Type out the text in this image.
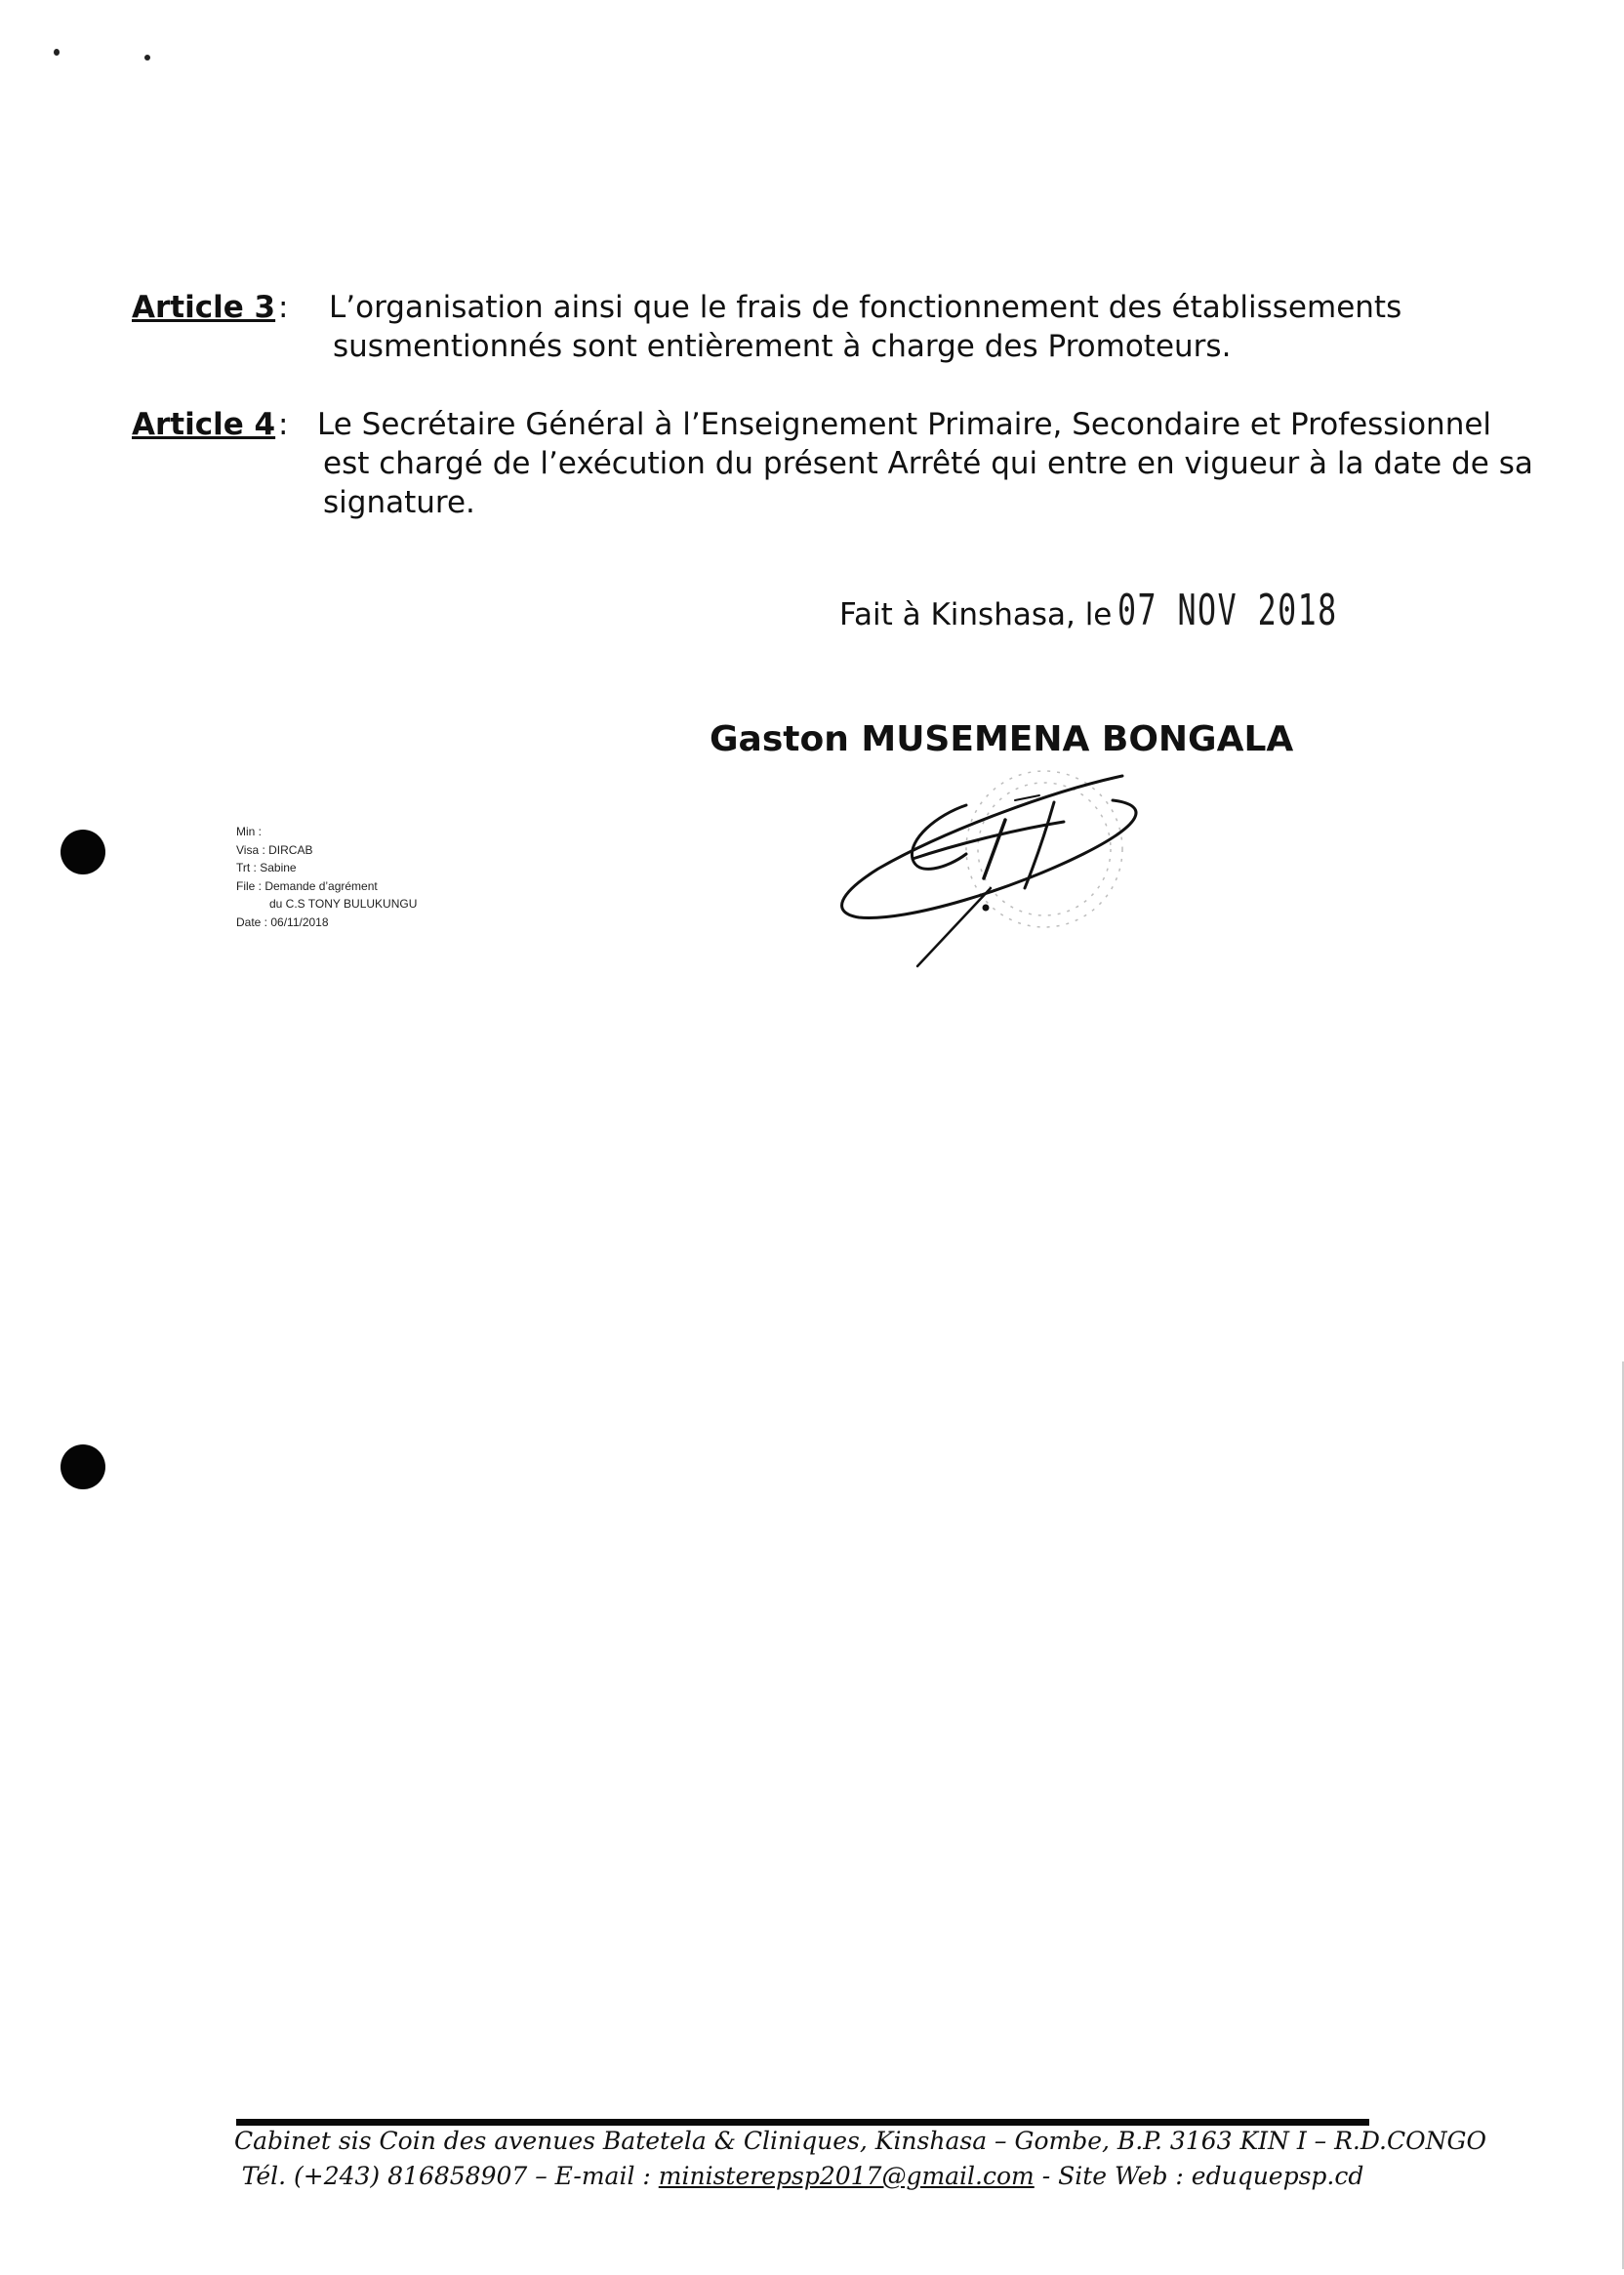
Article 3 : L’organisation ainsi que le frais de fonctionnement des établissements
susmentionnés sont entièrement à charge des Promoteurs.
Article 4 : Le Secrétaire Général à l’Enseignement Primaire, Secondaire et Professionnel
est chargé de l’exécution du présent Arrêté qui entre en vigueur à la date de sa
signature.
Fait à Kinshasa, le 07 NOV 2018
Gaston MUSEMENA BONGALA
Min :
Visa : DIRCAB
Trt : Sabine
File : Demande d’agrément
du C.S TONY BULUKUNGU
Date : 06/11/2018
Cabinet sis Coin des avenues Batetela & Cliniques, Kinshasa – Gombe, B.P. 3163 KIN I – R.D.CONGO
Tél. (+243) 816858907 – E-mail : ministerepsp2017@gmail.com - Site Web : eduquepsp.cd
